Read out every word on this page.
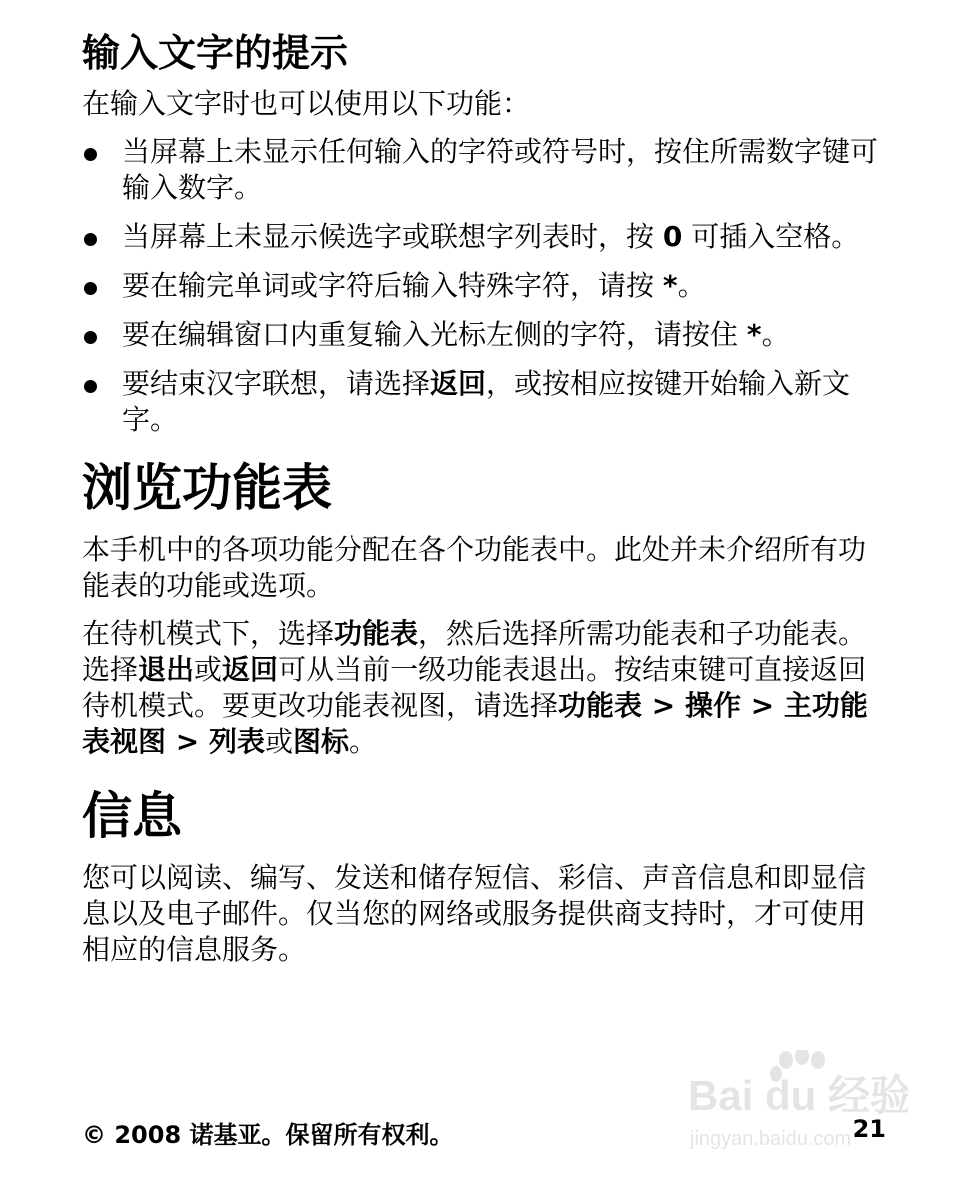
输入文字的提示

在输入文字时也可以使用以下功能：

当屏幕上未显示任何输入的字符或符号时，按住所需数字键可输入数字。
当屏幕上未显示候选字或联想字列表时，按 0 可插入空格。
要在输完单词或字符后输入特殊字符，请按 *。
要在编辑窗口内重复输入光标左侧的字符，请按住 *。
要结束汉字联想，请选择返回，或按相应按键开始输入新文字。
浏览功能表

本手机中的各项功能分配在各个功能表中。此处并未介绍所有功能表的功能或选项。

在待机模式下，选择功能表，然后选择所需功能表和子功能表。选择退出或返回可从当前一级功能表退出。按结束键可直接返回待机模式。要更改功能表视图，请选择功能表 > 操作 > 主功能表视图 > 列表或图标。

信息

您可以阅读、编写、发送和储存短信、彩信、声音信息和即显信息以及电子邮件。仅当您的网络或服务提供商支持时，才可使用相应的信息服务。

Bai du 经验
jingyan.baidu.com
© 2008 诺基亚。保留所有权利。	21
